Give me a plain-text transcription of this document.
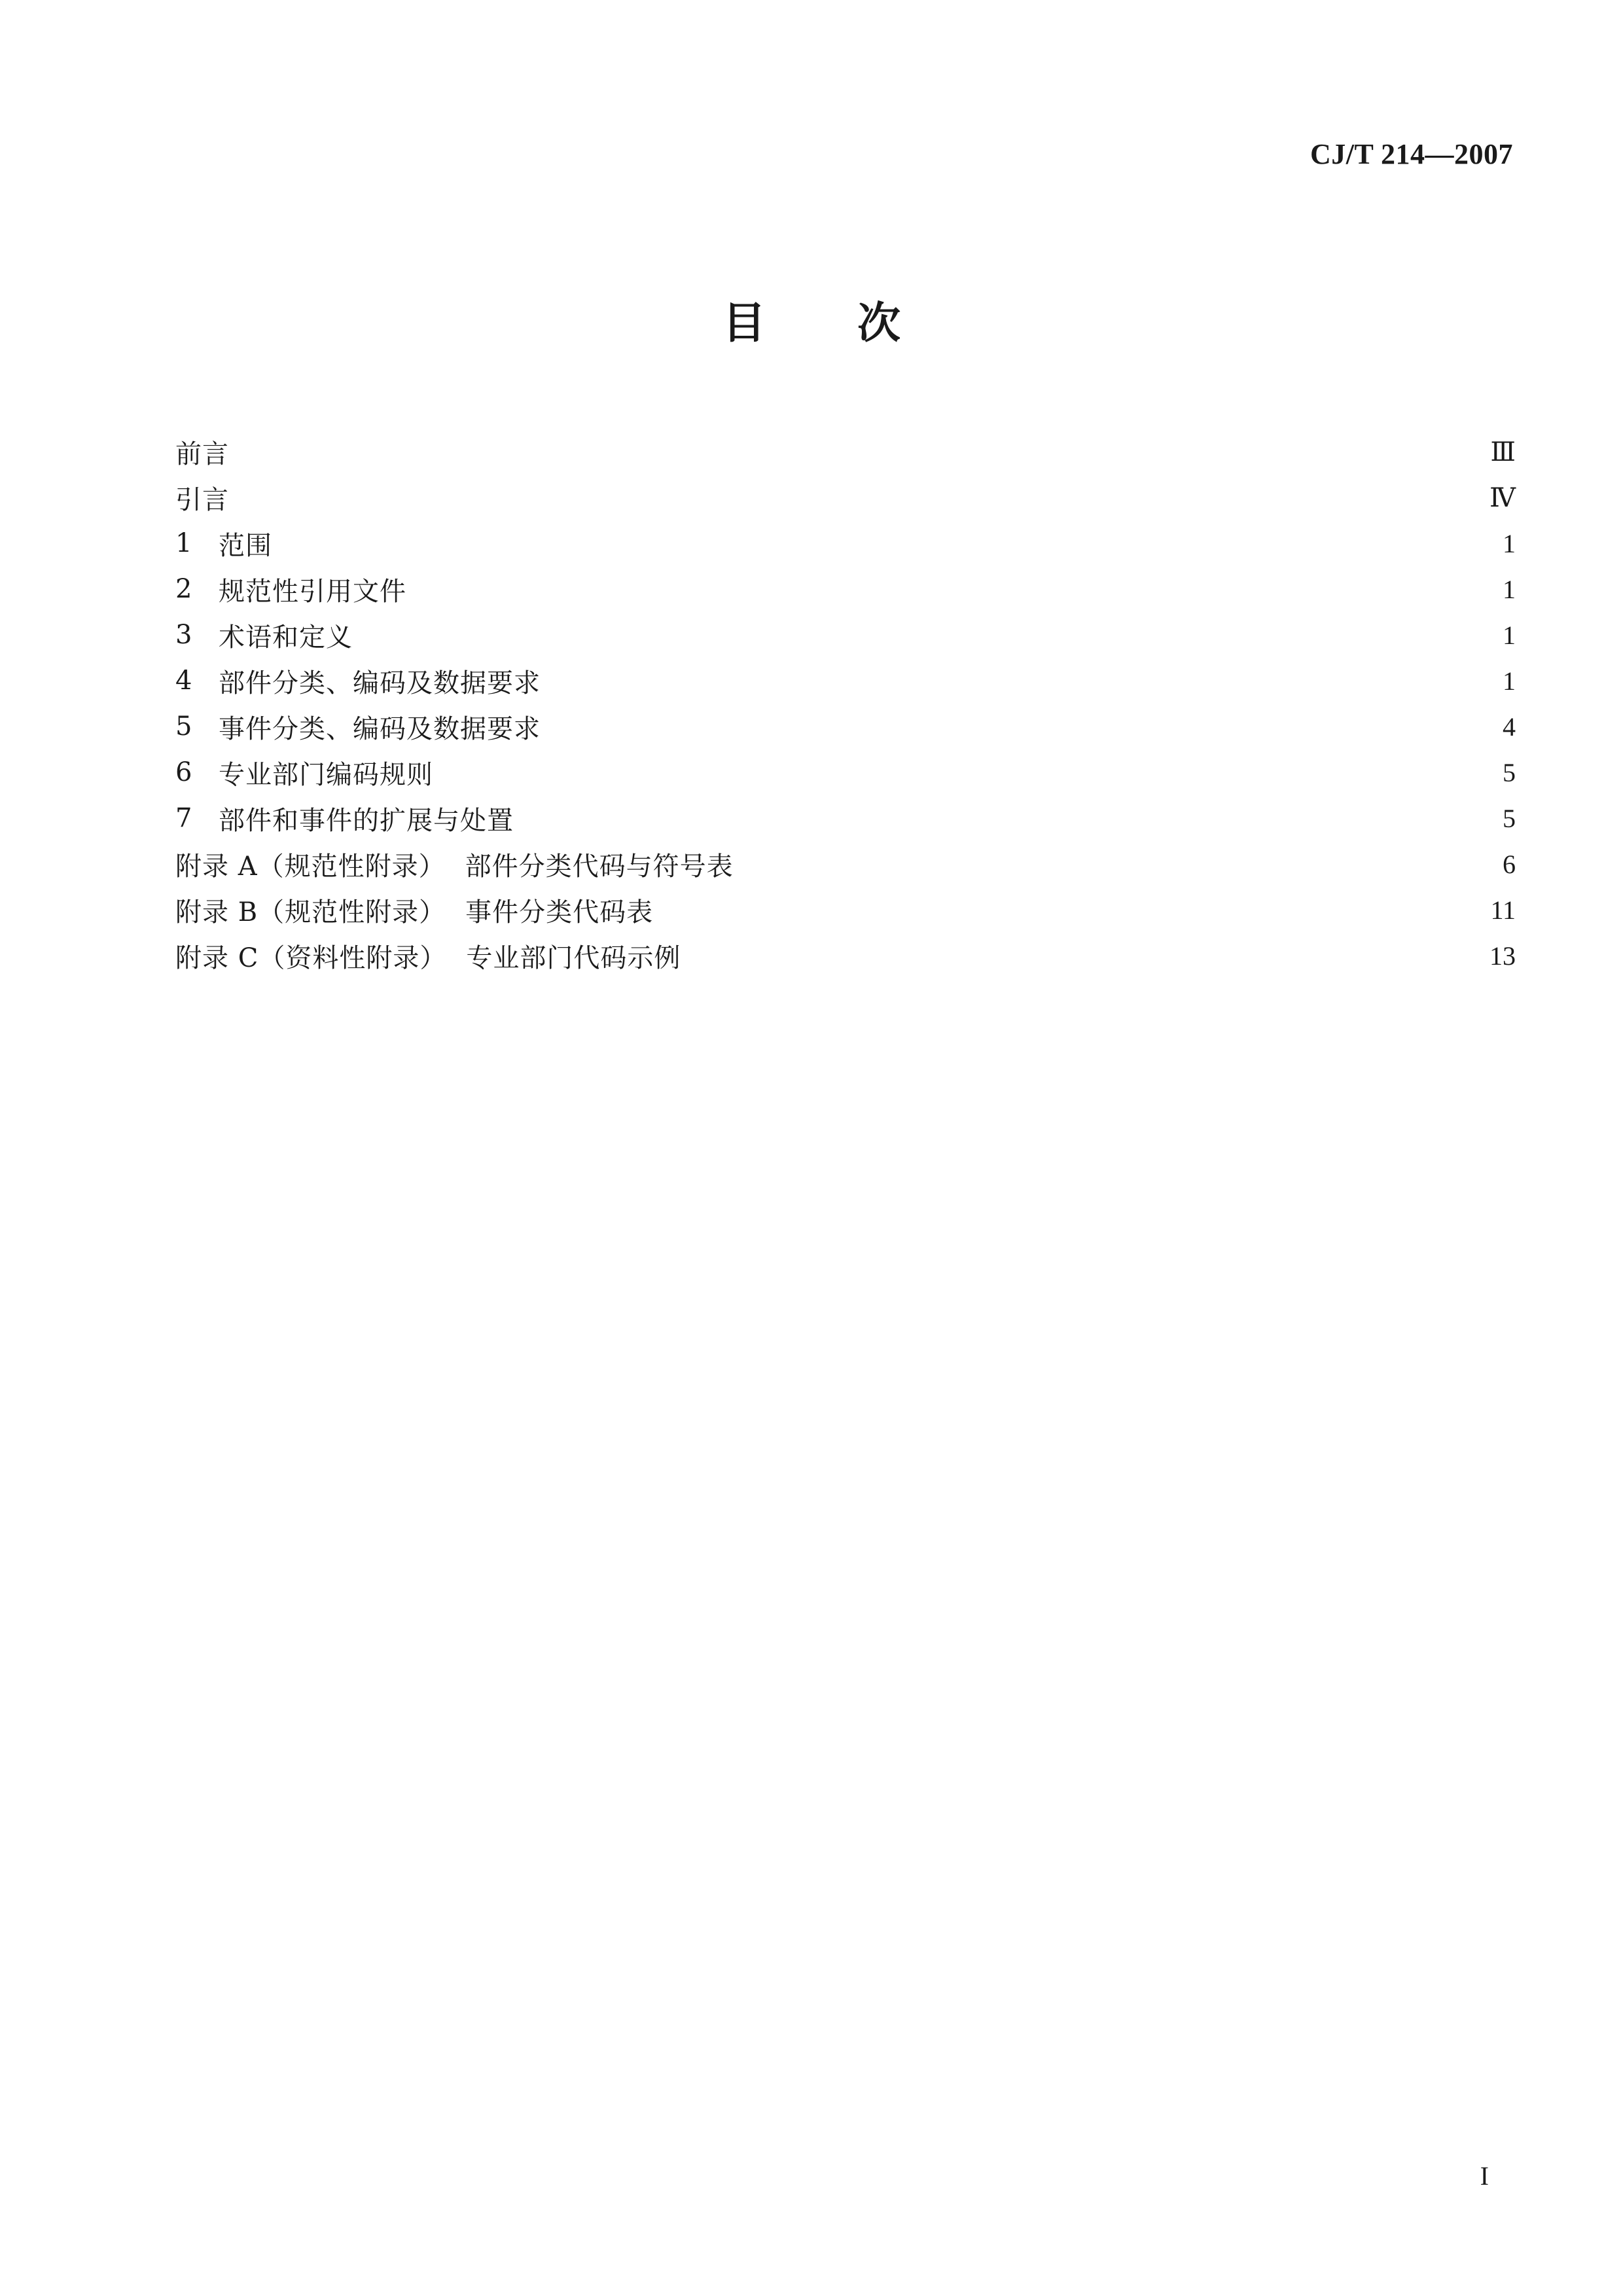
CJ/T 214—2007
目 次
前言	Ⅲ
引言	Ⅳ
1	范围	1
2	规范性引用文件	1
3	术语和定义	1
4	部件分类、编码及数据要求	1
5	事件分类、编码及数据要求	4
6	专业部门编码规则	5
7	部件和事件的扩展与处置	5
附录 A（规范性附录） 部件分类代码与符号表	6
附录 B（规范性附录） 事件分类代码表	11
附录 C（资料性附录） 专业部门代码示例	13
I
